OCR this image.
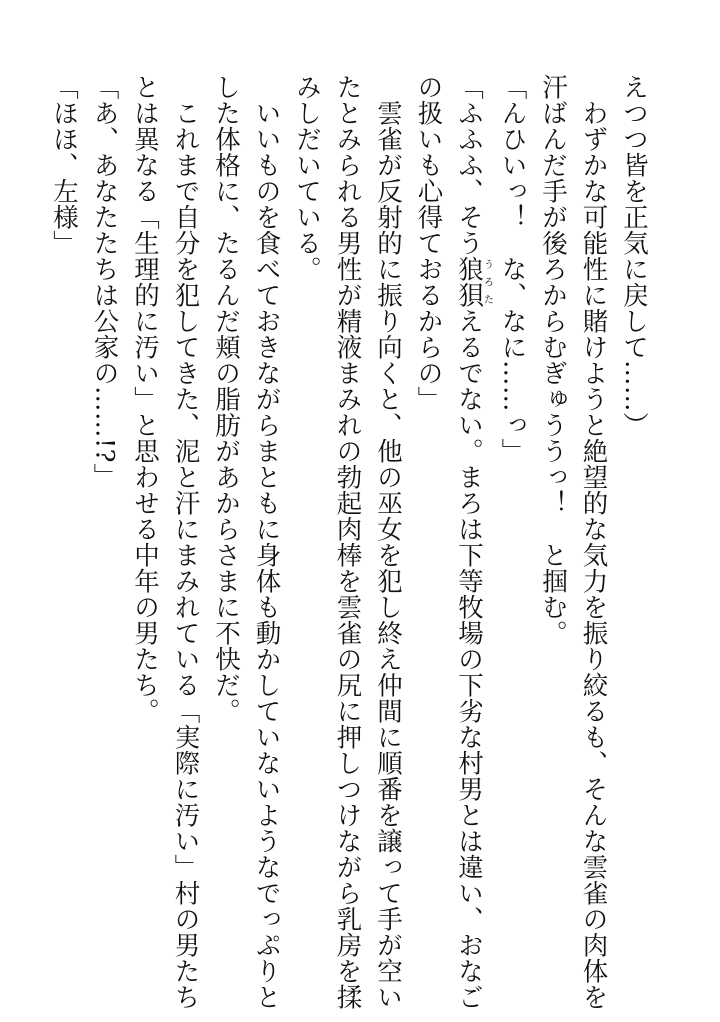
えつつ皆を正気に戻して……）
わずかな可能性に賭けようと絶望的な気力を振り絞るも、そんな雲雀の肉体を
汗ばんだ手が後ろからむぎゅううっ！　と掴む。
「んひいっ！　な、なに……っ」
「ふふふ、そう狼狽うろたえるでない。まろは下等牧場の下劣な村男とは違い、おなご
の扱いも心得ておるからの」
雲雀が反射的に振り向くと、他の巫女を犯し終え仲間に順番を譲って手が空い
たとみられる男性が精液まみれの勃起肉棒を雲雀の尻に押しつけながら乳房を揉
みしだいている。
いいものを食べておきながらまともに身体も動かしていないようなでっぷりと
した体格に、たるんだ頬の脂肪があからさまに不快だ。
これまで自分を犯してきた、泥と汗にまみれている「実際に汚い」村の男たち
とは異なる「生理的に汚い」と思わせる中年の男たち。
「あ、あなたたちは公家の……!?」
「ほほ、左様」
